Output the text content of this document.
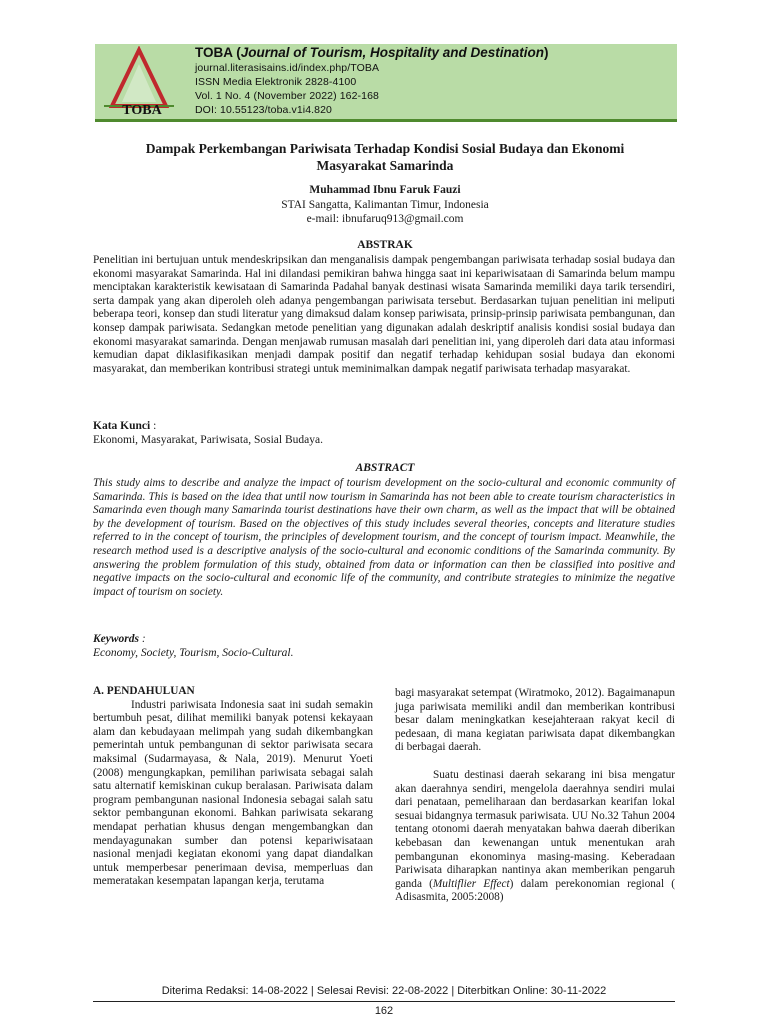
TOBA
TOBA (Journal of Tourism, Hospitality and Destination)
journal.literasisains.id/index.php/TOBA
ISSN Media Elektronik 2828-4100
Vol. 1 No. 4 (November 2022) 162-168
DOI: 10.55123/toba.v1i4.820
Dampak Perkembangan Pariwisata Terhadap Kondisi Sosial Budaya dan Ekonomi
Masyarakat Samarinda
Muhammad Ibnu Faruk Fauzi
STAI Sangatta, Kalimantan Timur, Indonesia
e-mail: ibnufaruq913@gmail.com
ABSTRAK
Penelitian ini bertujuan untuk mendeskripsikan dan menganalisis dampak pengembangan pariwisata terhadap sosial budaya dan ekonomi masyarakat Samarinda. Hal ini dilandasi pemikiran bahwa hingga saat ini kepariwisataan di Samarinda belum mampu menciptakan karakteristik kewisataan di Samarinda Padahal banyak destinasi wisata Samarinda memiliki daya tarik tersendiri, serta dampak yang akan diperoleh oleh adanya pengembangan pariwisata tersebut. Berdasarkan tujuan penelitian ini meliputi beberapa teori, konsep dan studi literatur yang dimaksud dalam konsep pariwisata, prinsip-prinsip pariwisata pembangunan, dan konsep dampak pariwisata. Sedangkan metode penelitian yang digunakan adalah deskriptif analisis kondisi sosial budaya dan ekonomi masyarakat samarinda. Dengan menjawab rumusan masalah dari penelitian ini, yang diperoleh dari data atau informasi kemudian dapat diklasifikasikan menjadi dampak positif dan negatif terhadap kehidupan sosial budaya dan ekonomi masyarakat, dan memberikan kontribusi strategi untuk meminimalkan dampak negatif pariwisata terhadap masyarakat.
Kata Kunci :
Ekonomi, Masyarakat, Pariwisata, Sosial Budaya.
ABSTRACT
This study aims to describe and analyze the impact of tourism development on the socio-cultural and economic community of Samarinda. This is based on the idea that until now tourism in Samarinda has not been able to create tourism characteristics in Samarinda even though many Samarinda tourist destinations have their own charm, as well as the impact that will be obtained by the development of tourism. Based on the objectives of this study includes several theories, concepts and literature studies referred to in the concept of tourism, the principles of development tourism, and the concept of tourism impact. Meanwhile, the research method used is a descriptive analysis of the socio-cultural and economic conditions of the Samarinda community. By answering the problem formulation of this study, obtained from data or information can then be classified into positive and negative impacts on the socio-cultural and economic life of the community, and contribute strategies to minimize the negative impact of tourism on society.
Keywords :
Economy, Society, Tourism, Socio-Cultural.

A. PENDAHULUAN

Industri pariwisata Indonesia saat ini sudah semakin bertumbuh pesat, dilihat memiliki banyak potensi kekayaan alam dan kebudayaan melimpah yang sudah dikembangkan pemerintah untuk pembangunan di sektor pariwisata secara maksimal (Sudarmayasa, & Nala, 2019). Menurut Yoeti (2008) mengungkapkan, pemilihan pariwisata sebagai salah satu alternatif kemiskinan cukup beralasan. Pariwisata dalam program pembangunan nasional Indonesia sebagai salah satu sektor pembangunan ekonomi. Bahkan pariwisata sekarang mendapat perhatian khusus dengan mengembangkan dan mendayagunakan sumber dan potensi kepariwisataan nasional menjadi kegiatan ekonomi yang dapat diandalkan untuk memperbesar penerimaan devisa, memperluas dan memeratakan kesempatan lapangan kerja, terutama

bagi masyarakat setempat (Wiratmoko, 2012). Bagaimanapun juga pariwisata memiliki andil dan memberikan kontribusi besar dalam meningkatkan kesejahteraan rakyat kecil di pedesaan, di mana kegiatan pariwisata dapat dikembangkan di berbagai daerah.

Suatu destinasi daerah sekarang ini bisa mengatur akan daerahnya sendiri, mengelola daerahnya sendiri mulai dari penataan, pemeliharaan dan berdasarkan kearifan lokal sesuai bidangnya termasuk pariwisata. UU No.32 Tahun 2004 tentang otonomi daerah menyatakan bahwa daerah diberikan kebebasan dan kewenangan untuk menentukan arah pembangunan ekonominya masing-masing. Keberadaan Pariwisata diharapkan nantinya akan memberikan pengaruh ganda (Multiflier Effect) dalam perekonomian regional ( Adisasmita, 2005:2008)

Diterima Redaksi: 14-08-2022 | Selesai Revisi: 22-08-2022 | Diterbitkan Online: 30-11-2022
162
